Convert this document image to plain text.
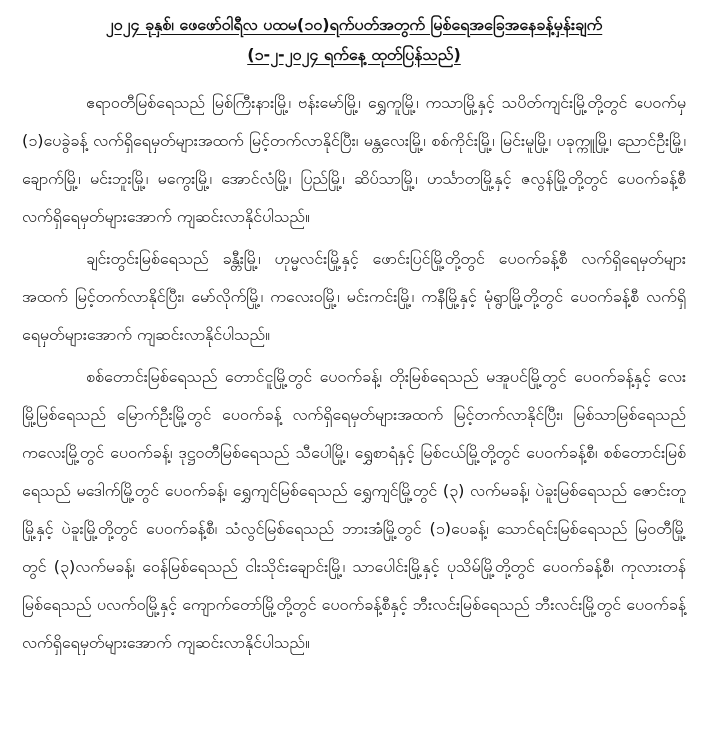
၂၀၂၄ ခုနှစ်၊ ဖေဖော်ဝါရီလ ပထမ(၁၀)ရက်ပတ်အတွက် မြစ်ရေအခြေအနေခန့်မှန်းချက်

(၁-၂-၂၀၂၄ ရက်နေ့ ထုတ်ပြန်သည်)

ဧရာဝတီမြစ်ရေသည် မြစ်ကြီးနားမြို့၊ ဗန်းမော်မြို့၊ ရွှေကူမြို့၊ ကသာမြို့နှင့် သပိတ်ကျင်းမြို့တို့တွင် ပေဝက်မှ (၁)ပေခွဲခန့် လက်ရှိရေမှတ်များအထက် မြင့်တက်လာနိုင်ပြီး၊ မန္တလေးမြို့၊ စစ်ကိုင်းမြို့၊ မြင်းမူမြို့၊ ပခုက္ကူမြို့၊ ညောင်ဦးမြို့၊ ချောက်မြို့၊ မင်းဘူးမြို့၊ မကွေးမြို့၊ အောင်လံမြို့၊ ပြည်မြို့၊ ဆိပ်သာမြို့၊ ဟင်္သာတမြို့နှင့် ဇလွန်မြို့တို့တွင် ပေဝက်ခန့်စီ လက်ရှိရေမှတ်များအောက် ကျဆင်းလာနိုင်ပါသည်။

ချင်းတွင်းမြစ်ရေသည် ခန္တီးမြို့၊ ဟုမ္မလင်းမြို့နှင့် ဖောင်းပြင်မြို့တို့တွင် ပေဝက်ခန့်စီ လက်ရှိရေမှတ်များအထက် မြင့်တက်လာနိုင်ပြီး၊ မော်လိုက်မြို့၊ ကလေးဝမြို့၊ မင်းကင်းမြို့၊ ကနီမြို့နှင့် မုံရွာမြို့တို့တွင် ပေဝက်ခန့်စီ လက်ရှိရေမှတ်များအောက် ကျဆင်းလာနိုင်ပါသည်။

စစ်တောင်းမြစ်ရေသည် တောင်ငူမြို့တွင် ပေဝက်ခန့်၊ တိုးမြစ်ရေသည် မအူပင်မြို့တွင် ပေဝက်ခန့်နှင့် လေးမြို့မြစ်ရေသည် မြောက်ဦးမြို့တွင် ပေဝက်ခန့် လက်ရှိရေမှတ်များအထက် မြင့်တက်လာနိုင်ပြီး၊ မြစ်သာမြစ်ရေသည် ကလေးမြို့တွင် ပေဝက်ခန့်၊ ဒုဋ္ဌဝတီမြစ်ရေသည် သီပေါမြို့၊ ရွှေစာရံနှင့် မြစ်ငယ်မြို့တို့တွင် ပေဝက်ခန့်စီ၊ စစ်တောင်းမြစ်ရေသည် မဒေါက်မြို့တွင် ပေဝက်ခန့်၊ ရွှေကျင်မြစ်ရေသည် ရွှေကျင်မြို့တွင် (၃) လက်မခန့်၊ ပဲခူးမြစ်ရေသည် ဇောင်းတူမြို့နှင့် ပဲခူးမြို့တို့တွင် ပေဝက်ခန့်စီ၊ သံလွင်မြစ်ရေသည် ဘားအံမြို့တွင် (၁)ပေခန့်၊ သောင်ရင်းမြစ်ရေသည် မြဝတီမြို့တွင် (၃)လက်မခန့်၊ ဝေန်မြစ်ရေသည် ငါးသိုင်းချောင်းမြို့၊ သာပေါင်းမြို့နှင့် ပုသိမ်မြို့တို့တွင် ပေဝက်ခန့်စီ၊ ကုလားတန်မြစ်ရေသည် ပလက်ဝမြို့နှင့် ကျောက်တော်မြို့တို့တွင် ပေဝက်ခန့်စီနှင့် ဘီးလင်းမြစ်ရေသည် ဘီးလင်းမြို့တွင် ပေဝက်ခန့် လက်ရှိရေမှတ်များအောက် ကျဆင်းလာနိုင်ပါသည်။
